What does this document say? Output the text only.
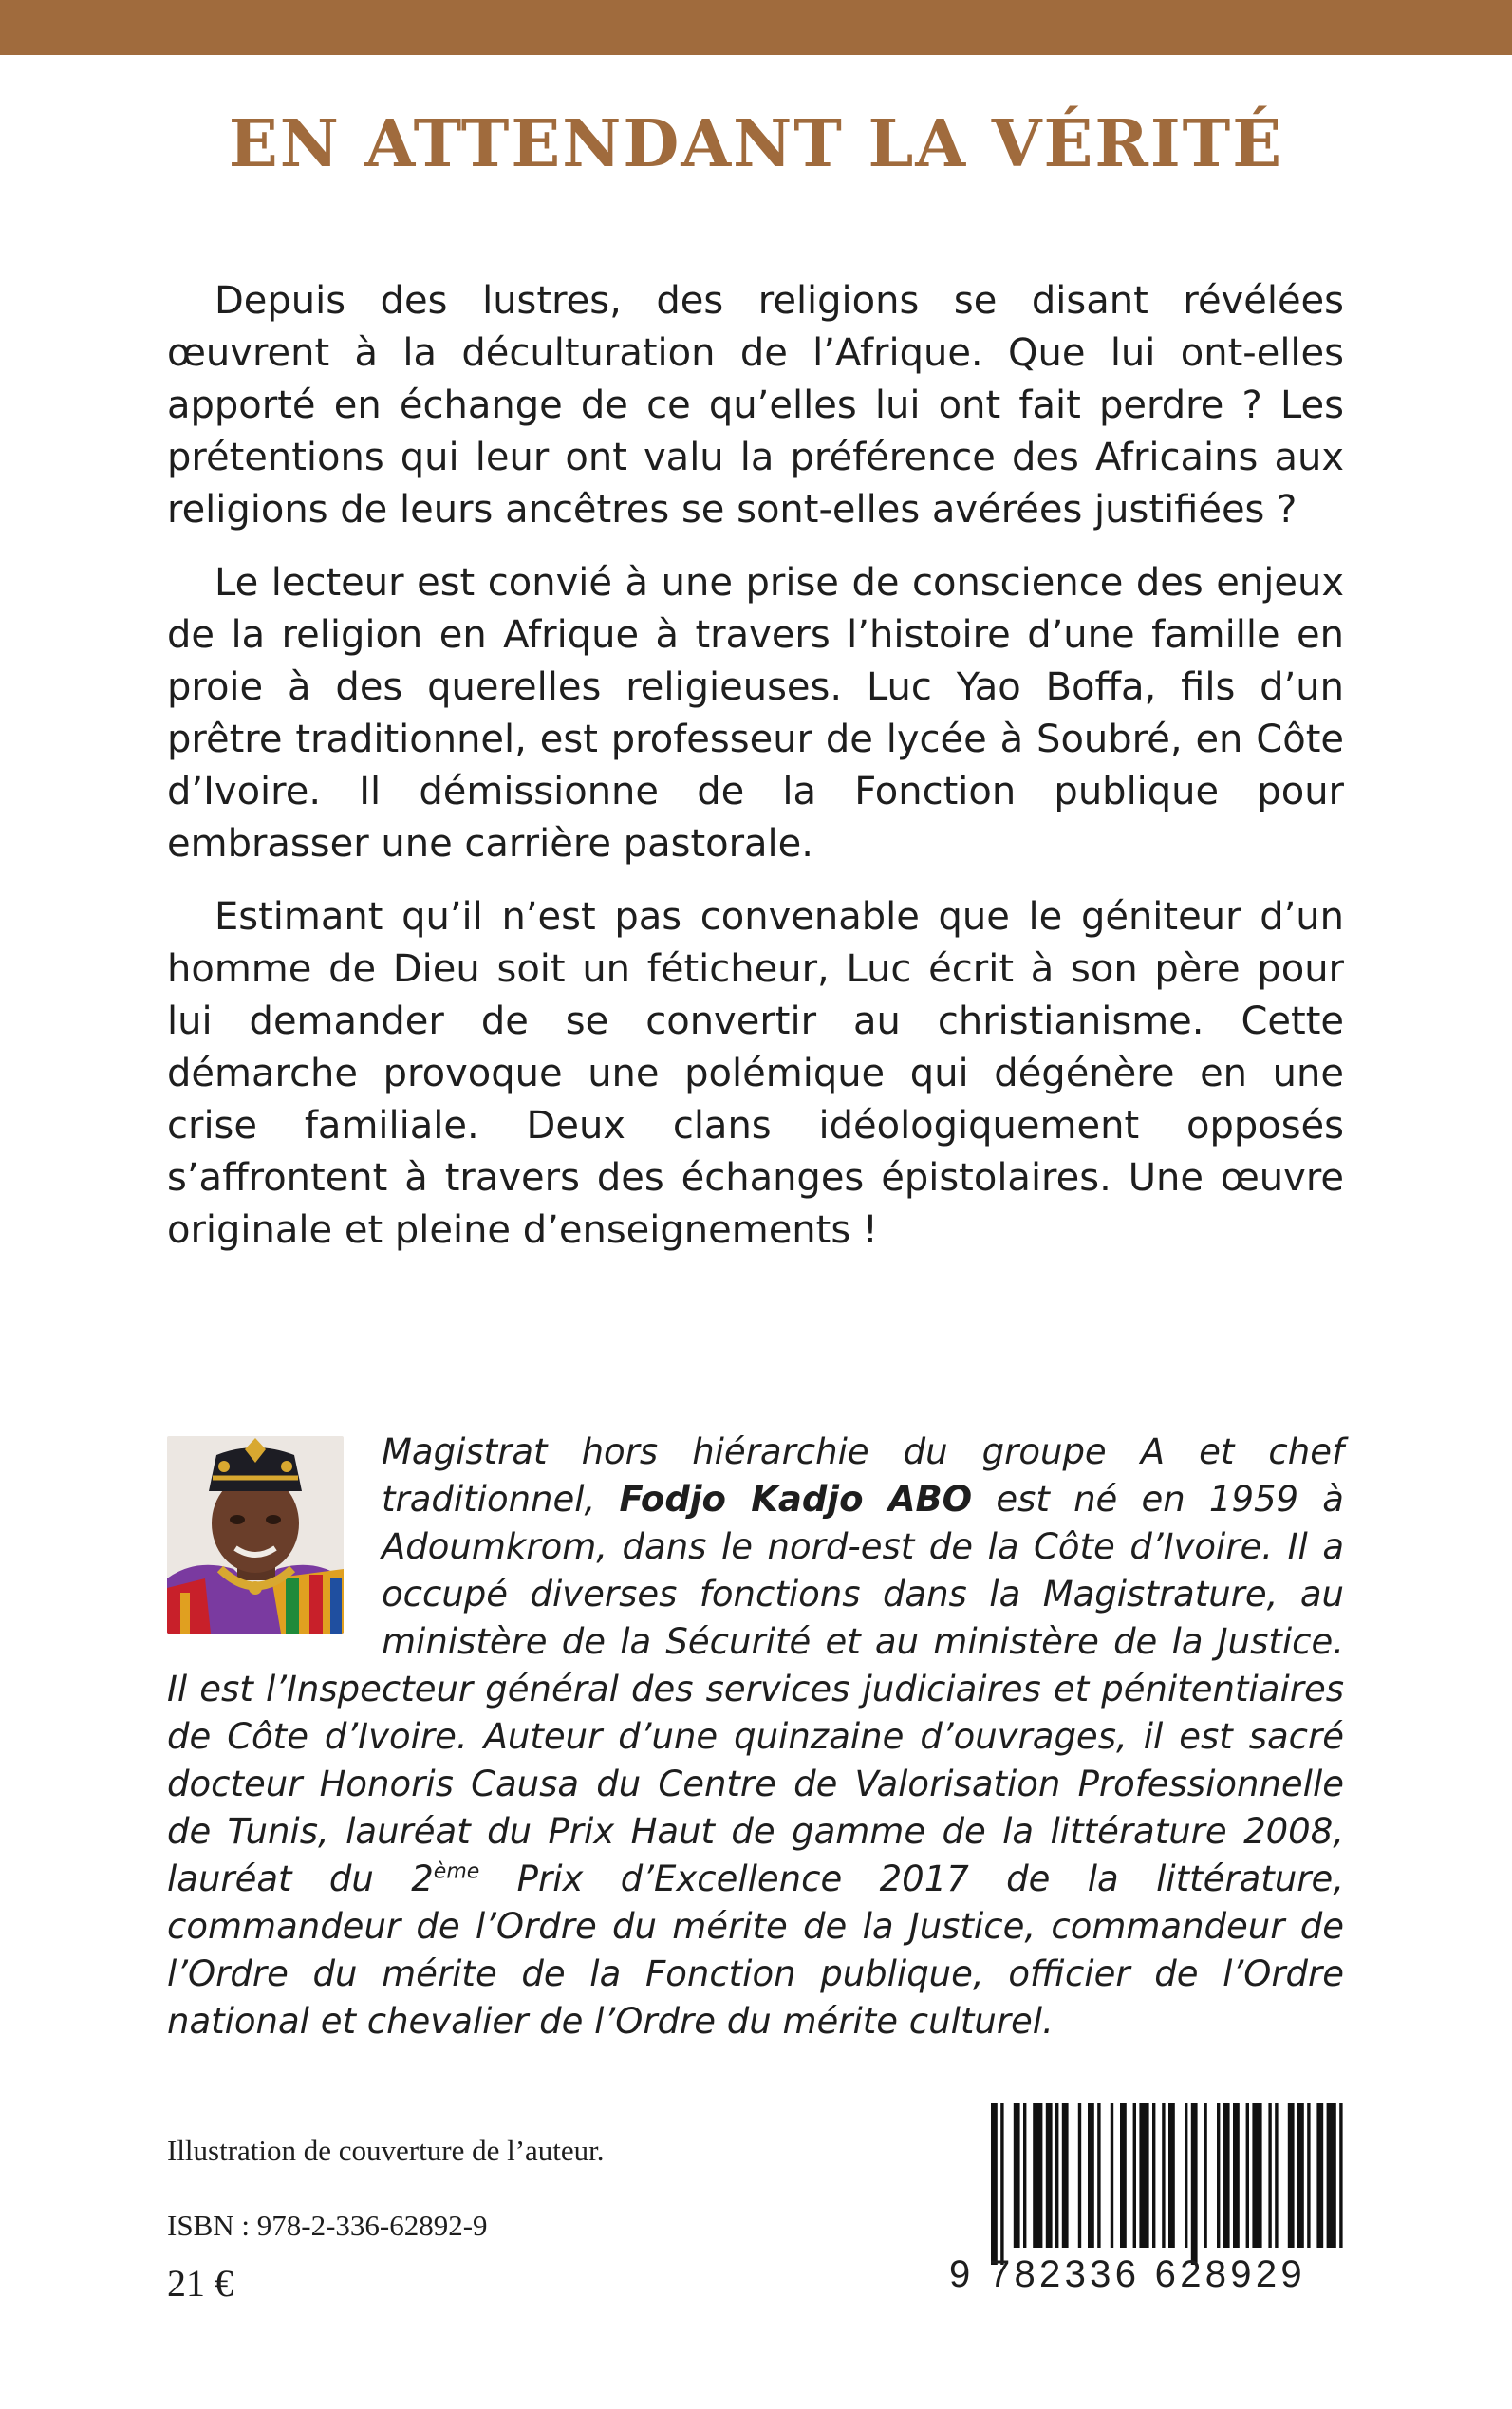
EN ATTENDANT LA VÉRITÉ

Depuis des lustres, des religions se disant révélées œuvrent à la déculturation de l’Afrique. Que lui ont-elles apporté en échange de ce qu’elles lui ont fait perdre ? Les prétentions qui leur ont valu la préférence des Africains aux religions de leurs ancêtres se sont-elles avérées justifiées ?

Le lecteur est convié à une prise de conscience des enjeux de la religion en Afrique à travers l’histoire d’une famille en proie à des querelles religieuses. Luc Yao Boffa, fils d’un prêtre traditionnel, est professeur de lycée à Soubré, en Côte d’Ivoire. Il démissionne de la Fonction publique pour embrasser une carrière pastorale.

Estimant qu’il n’est pas convenable que le géniteur d’un homme de Dieu soit un féticheur, Luc écrit à son père pour lui demander de se convertir au christianisme. Cette démarche provoque une polémique qui dégénère en une crise familiale. Deux clans idéologiquement opposés s’affrontent à travers des échanges épistolaires. Une œuvre originale et pleine d’enseignements !

Magistrat hors hiérarchie du groupe A et chef traditionnel, Fodjo Kadjo ABO est né en 1959 à Adoumkrom, dans le nord-est de la Côte d’Ivoire. Il a occupé diverses fonctions dans la Magistrature, au ministère de la Sécurité et au ministère de la Justice. Il est l’Inspecteur général des services judiciaires et pénitentiaires de Côte d’Ivoire. Auteur d’une quinzaine d’ouvrages, il est sacré docteur Honoris Causa du Centre de Valorisation Professionnelle de Tunis, lauréat du Prix Haut de gamme de la littérature 2008, lauréat du 2ème Prix d’Excellence 2017 de la littérature, commandeur de l’Ordre du mérite de la Justice, commandeur de l’Ordre du mérite de la Fonction publique, officier de l’Ordre national et chevalier de l’Ordre du mérite culturel.
Illustration de couverture de l’auteur.
ISBN : 978-2-336-62892-9
21 €	9 782336 628929
